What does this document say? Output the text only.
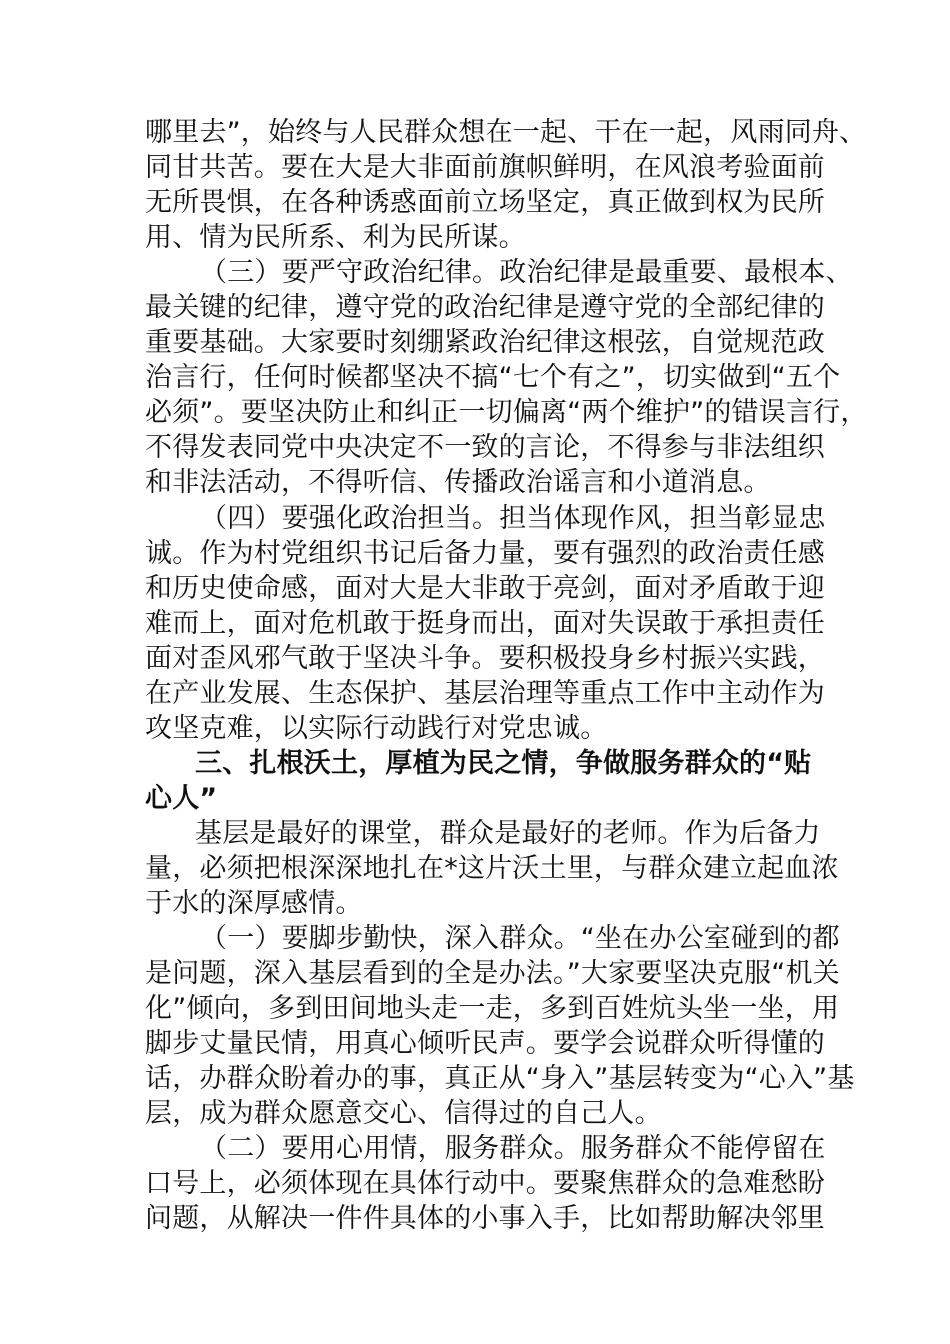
哪里去”，始终与人民群众想在一起、干在一起，风雨同舟、
同甘共苦。要在大是大非面前旗帜鲜明，在风浪考验面前
无所畏惧，在各种诱惑面前立场坚定，真正做到权为民所
用、情为民所系、利为民所谋。
（三）要严守政治纪律。政治纪律是最重要、最根本、
最关键的纪律，遵守党的政治纪律是遵守党的全部纪律的
重要基础。大家要时刻绷紧政治纪律这根弦，自觉规范政
治言行，任何时候都坚决不搞“七个有之”，切实做到“五个
必须”。要坚决防止和纠正一切偏离“两个维护”的错误言行，
不得发表同党中央决定不一致的言论，不得参与非法组织
和非法活动，不得听信、传播政治谣言和小道消息。
（四）要强化政治担当。担当体现作风，担当彰显忠
诚。作为村党组织书记后备力量，要有强烈的政治责任感
和历史使命感，面对大是大非敢于亮剑，面对矛盾敢于迎
难而上，面对危机敢于挺身而出，面对失误敢于承担责任
面对歪风邪气敢于坚决斗争。要积极投身乡村振兴实践，
在产业发展、生态保护、基层治理等重点工作中主动作为
攻坚克难，以实际行动践行对党忠诚。
三、扎根沃土，厚植为民之情，争做服务群众的“贴
心人”
基层是最好的课堂，群众是最好的老师。作为后备力
量，必须把根深深地扎在*这片沃土里，与群众建立起血浓
于水的深厚感情。
（一）要脚步勤快，深入群众。“坐在办公室碰到的都
是问题，深入基层看到的全是办法。”大家要坚决克服“机关
化”倾向，多到田间地头走一走，多到百姓炕头坐一坐，用
脚步丈量民情，用真心倾听民声。要学会说群众听得懂的
话，办群众盼着办的事，真正从“身入”基层转变为“心入”基
层，成为群众愿意交心、信得过的自己人。
（二）要用心用情，服务群众。服务群众不能停留在
口号上，必须体现在具体行动中。要聚焦群众的急难愁盼
问题，从解决一件件具体的小事入手，比如帮助解决邻里
